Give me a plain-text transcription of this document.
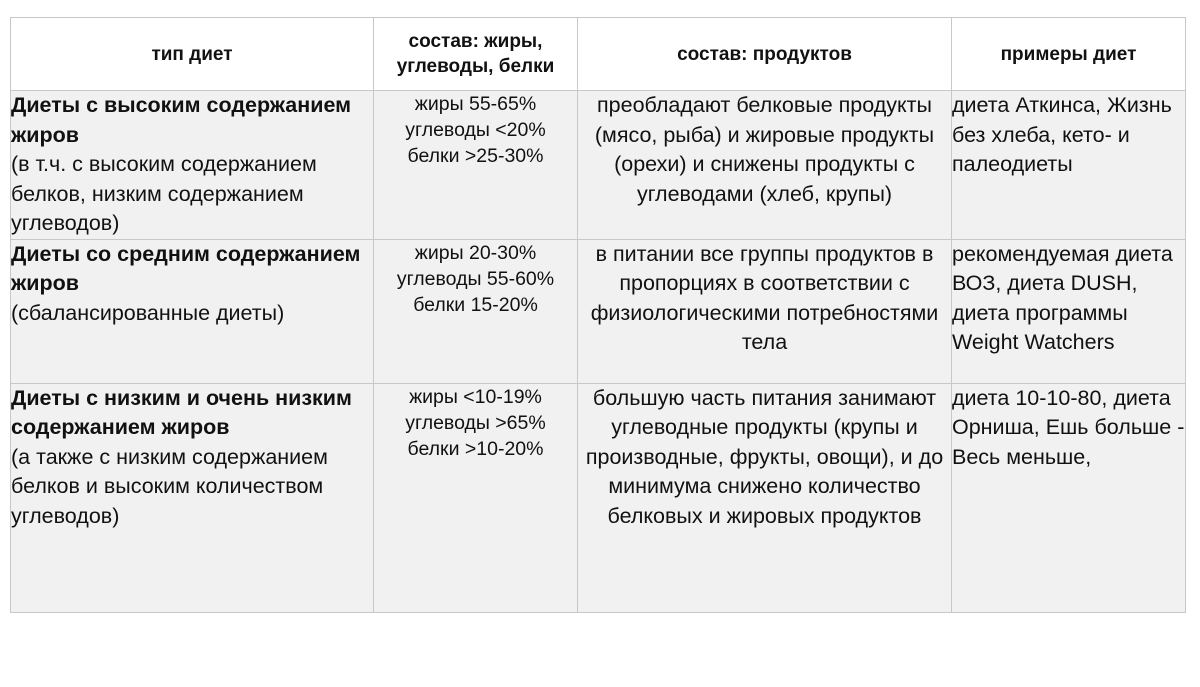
тип диет	состав: жиры, углеводы, белки	состав: продуктов	примеры диет

Диеты с высоким содержанием жиров
(в т.ч. с высоким содержанием белков, низким содержанием углеводов)	жиры 55-65%
углеводы <20%
белки >25-30%	преобладают белковые продукты (мясо, рыба) и жировые продукты (орехи) и снижены продукты с углеводами (хлеб, крупы)	диета Аткинса, Жизнь без хлеба, кето- и палеодиеты

Диеты со средним содержанием жиров
(сбалансированные диеты)	жиры 20-30%
углеводы 55-60%
белки 15-20%	в питании все группы продуктов в пропорциях в соответствии с физиологическими потребностями тела	рекомендуемая диета ВОЗ, диета DUSH, диета программы Weight Watchers

Диеты с низким и очень низким содержанием жиров
(а также с низким содержанием белков и высоким количеством углеводов)	жиры <10-19%
углеводы >65%
белки >10-20%	большую часть питания занимают углеводные продукты (крупы и производные, фрукты, овощи), и до минимума снижено количество белковых и жировых продуктов	диета 10-10-80, диета Орниша, Ешь больше - Весь меньше,
